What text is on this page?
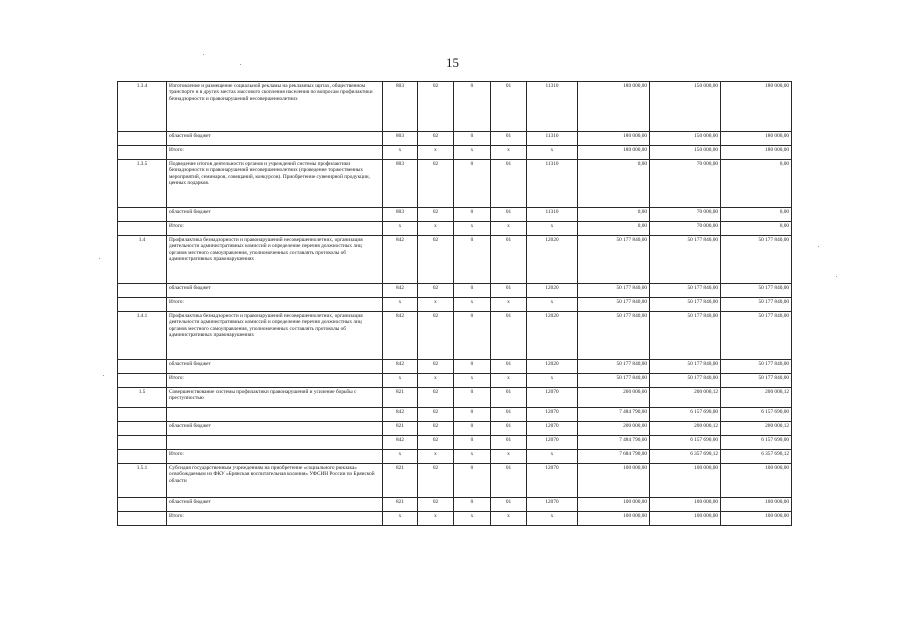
15
1.3.4	Изготовление и размещение социальной рекламы на рекламных щитах, общественном транспорте и в других местах массового скопления населения по вопросам профилактики безнадзорности и правонарушений несовершеннолетних	803	02	0	01	11310	180 000,00	150 000,00	180 000,00
	областной бюджет	803	02	0	01	11310	180 000,00	150 000,00	180 000,00
	Итого:	x	x	x	x	x	180 000,00	150 000,00	180 000,00
1.3.5	Подведение итогов деятельности органов и учреждений системы профилактики безнадзорности и правонарушений несовершеннолетних (проведение торжественных мероприятий, семинаров, совещаний, конкурсов). Приобретение сувенирной продукции, ценных подарков.	803	02	0	01	11310	0,00	70 000,00	0,00
	областной бюджет	803	02	0	01	11310	0,00	70 000,00	0,00
	Итого:	x	x	x	x	x	0,00	70 000,00	0,00
1.4	Профилактика безнадзорности и правонарушений несовершеннолетних, организация деятельности административных комиссий и определение перечня должностных лиц органов местного самоуправления, уполномоченных составлять протоколы об административных правонарушениях	842	02	0	01	12020	50 177 840,00	50 177 840,00	50 177 840,00
	областной бюджет	842	02	0	01	12020	50 177 840,00	50 177 840,00	50 177 840,00
	Итого:	x	x	x	x	x	50 177 840,00	50 177 840,00	50 177 840,00
1.4.1	Профилактика безнадзорности и правонарушений несовершеннолетних, организация деятельности административных комиссий и определение перечня должностных лиц органов местного самоуправления, уполномоченных составлять протоколы об административных правонарушениях	842	02	0	01	12020	50 177 840,00	50 177 840,00	50 177 840,00
	областной бюджет	842	02	0	01	12020	50 177 840,00	50 177 840,00	50 177 840,00
	Итого:	x	x	x	x	x	50 177 840,00	50 177 840,00	50 177 840,00
1.5	Совершенствование системы профилактики правонарушений и усиление борьбы с преступностью	821	02	0	01	12070	200 000,00	200 000,12	200 000,12
		842	02	0	01	12070	7 484 790,00	6 157 690,00	6 157 690,00
	областной бюджет	821	02	0	01	12070	200 000,00	200 000,12	200 000,12
		842	02	0	01	12070	7 484 790,00	6 157 690,00	6 157 690,00
	Итого:	x	x	x	x	x	7 684 790,00	6 357 690,12	6 357 690,12
1.5.1	Субсидия государственным учреждениям на приобретение «социального рюкзака» освобождаемым из ФКУ «Брянская воспитательная колония» УФСИН России по Брянской области	821	02	0	01	12070	100 000,00	100 000,00	100 000,00
	областной бюджет	821	02	0	01	12070	100 000,00	100 000,00	100 000,00
	Итого:	x	x	x	x	x	100 000,00	100 000,00	100 000,00
